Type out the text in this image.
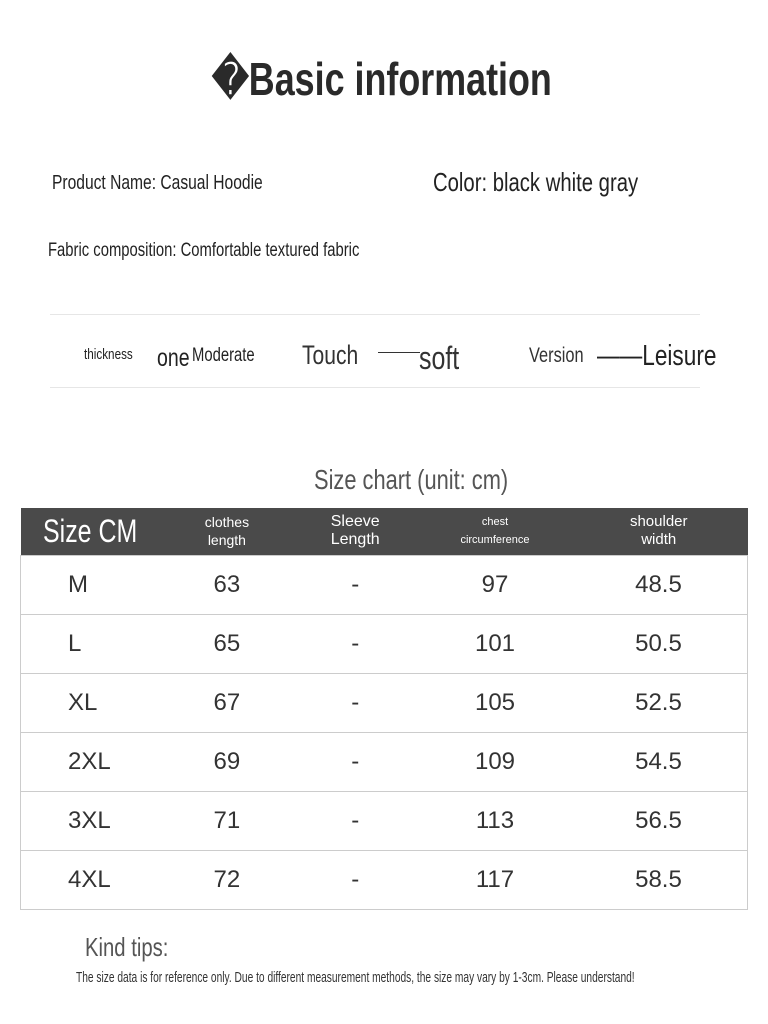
�Basic information
Product Name: Casual Hoodie	Color: black white gray
Fabric composition: Comfortable textured fabric
thickness one Moderate	Touch	soft	Version ——Leisure
Size chart (unit: cm)
Size CM	clothes length	Sleeve Length	chest circumference	shoulder width
M	63	-	97	48.5
L	65	-	101	50.5
XL	67	-	105	52.5
2XL	69	-	109	54.5
3XL	71	-	113	56.5
4XL	72	-	117	58.5
Kind tips:
The size data is for reference only. Due to different measurement methods, the size may vary by 1-3cm. Please understand!
